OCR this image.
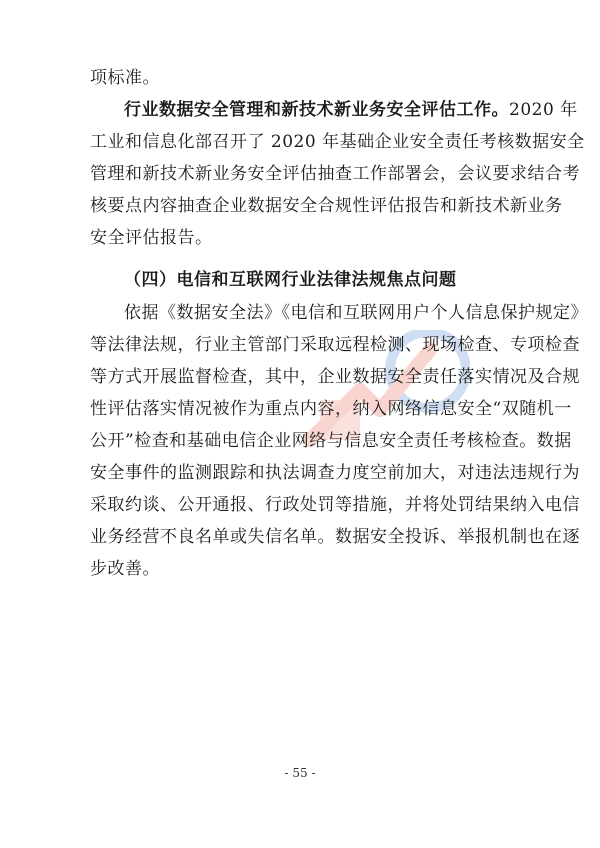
项标准。
行业数据安全管理和新技术新业务安全评估工作。2020 年
工业和信息化部召开了 2020 年基础企业安全责任考核数据安全
管理和新技术新业务安全评估抽查工作部署会，会议要求结合考
核要点内容抽查企业数据安全合规性评估报告和新技术新业务
安全评估报告。
（四）电信和互联网行业法律法规焦点问题
依据《数据安全法》《电信和互联网用户个人信息保护规定》
等法律法规，行业主管部门采取远程检测、现场检查、专项检查
等方式开展监督检查，其中，企业数据安全责任落实情况及合规
性评估落实情况被作为重点内容，纳入网络信息安全“双随机一
公开”检查和基础电信企业网络与信息安全责任考核检查。数据
安全事件的监测跟踪和执法调查力度空前加大，对违法违规行为
采取约谈、公开通报、行政处罚等措施，并将处罚结果纳入电信
业务经营不良名单或失信名单。数据安全投诉、举报机制也在逐
步改善。
- 55 -
